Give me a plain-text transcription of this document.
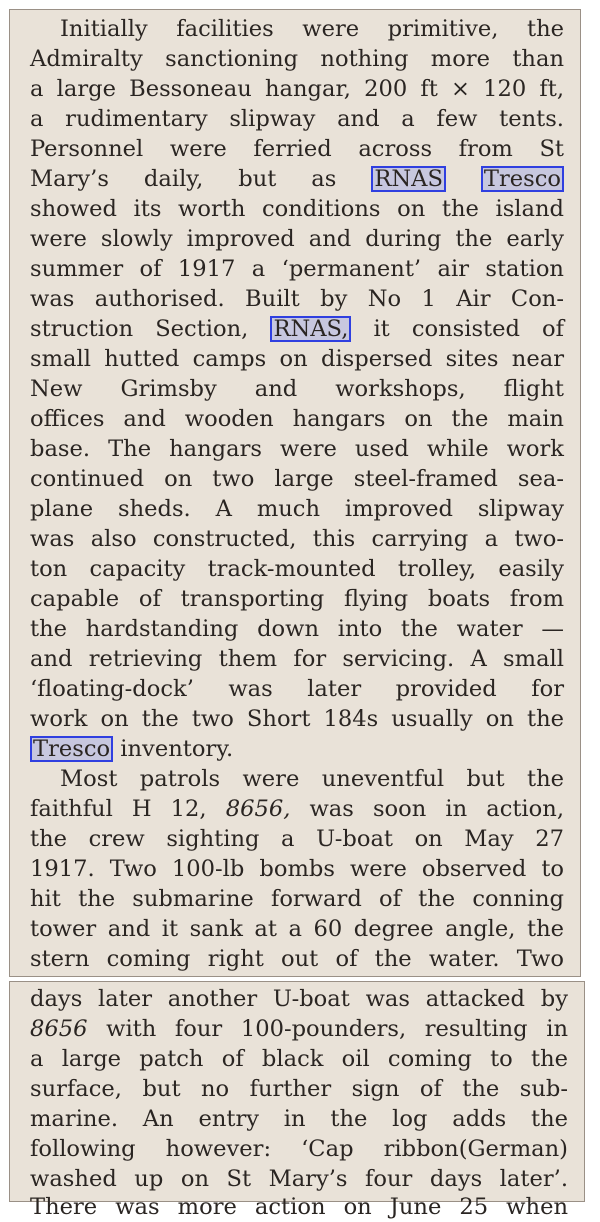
Initially facilities were primitive, the
Admiralty sanctioning nothing more than
a large Bessoneau hangar, 200 ft × 120 ft,
a rudimentary slipway and a few tents.
Personnel were ferried across from St
Mary’s daily, but as RNAS Tresco
showed its worth conditions on the island
were slowly improved and during the early
summer of 1917 a ‘permanent’ air station
was authorised. Built by No 1 Air Con-
struction Section, RNAS, it consisted of
small hutted camps on dispersed sites near
New Grimsby and workshops, flight
offices and wooden hangars on the main
base. The hangars were used while work
continued on two large steel-framed sea-
plane sheds. A much improved slipway
was also constructed, this carrying a two-
ton capacity track-mounted trolley, easily
capable of transporting flying boats from
the hardstanding down into the water —
and retrieving them for servicing. A small
‘floating-dock’ was later provided for
work on the two Short 184s usually on the
Tresco inventory.
Most patrols were uneventful but the
faithful H 12, 8656, was soon in action,
the crew sighting a U-boat on May 27
1917. Two 100-lb bombs were observed to
hit the submarine forward of the conning
tower and it sank at a 60 degree angle, the
stern coming right out of the water. Two
days later another U-boat was attacked by
8656 with four 100-pounders, resulting in
a large patch of black oil coming to the
surface, but no further sign of the sub-
marine. An entry in the log adds the
following however: ‘Cap ribbon(German)
washed up on St Mary’s four days later’.
There was more action on June 25 when
